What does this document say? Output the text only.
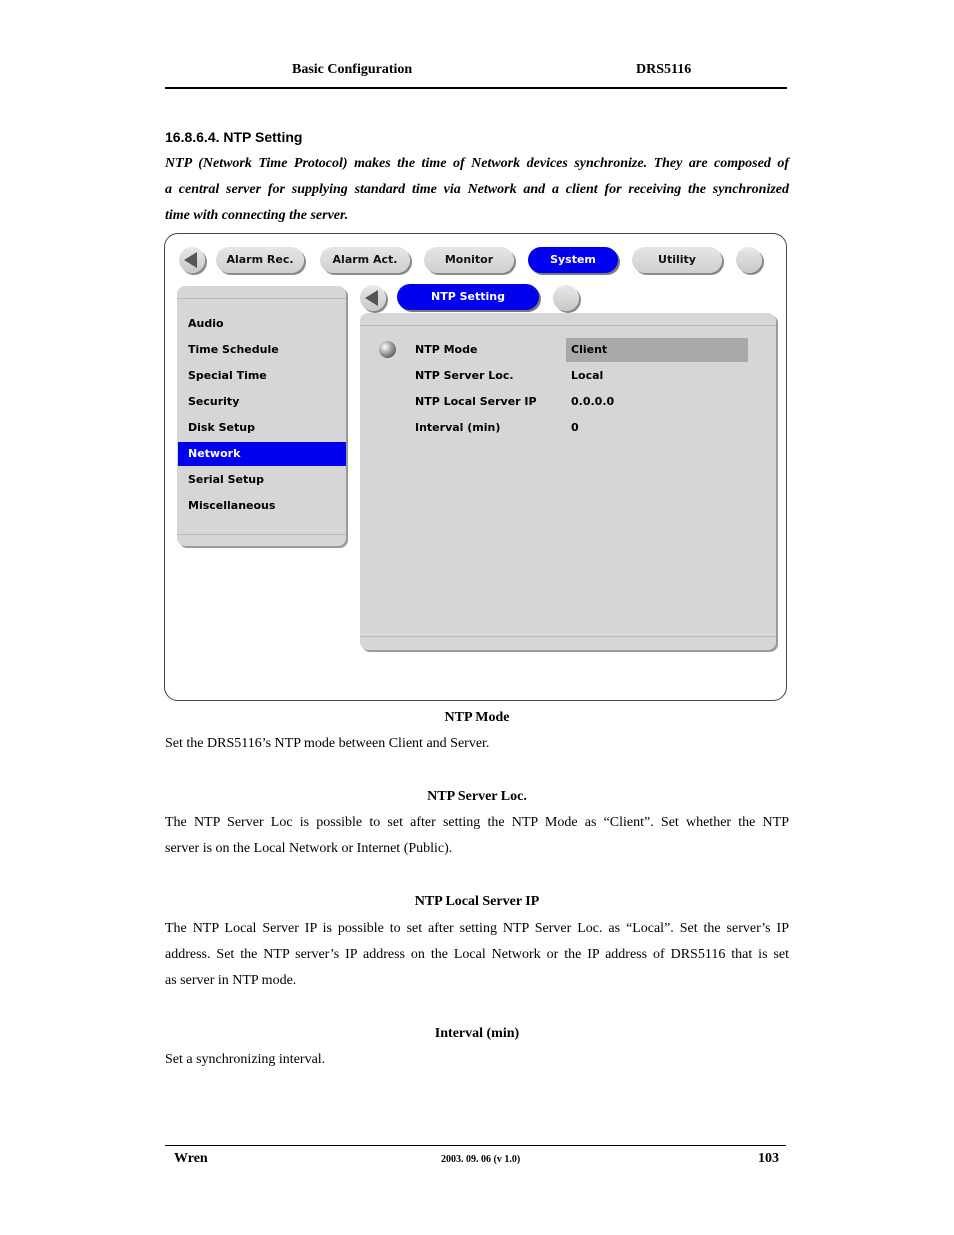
Basic Configuration	DRS5116
16.8.6.4. NTP Setting
NTP (Network Time Protocol) makes the time of Network devices synchronize. They are composed of
a central server for supplying standard time via Network and a client for receiving the synchronized
time with connecting the server.
Alarm Rec.	Alarm Act.	Monitor	System	Utility
Audio
Time Schedule
Special Time
Security
Disk Setup
Network
Serial Setup
Miscellaneous
NTP Setting
NTP Mode	Client
NTP Server Loc.	Local
NTP Local Server IP	0.0.0.0
Interval (min)	0
NTP Mode
Set the DRS5116’s NTP mode between Client and Server.
NTP Server Loc.
The NTP Server Loc is possible to set after setting the NTP Mode as “Client”. Set whether the NTP
server is on the Local Network or Internet (Public).
NTP Local Server IP
The NTP Local Server IP is possible to set after setting NTP Server Loc. as “Local”. Set the server’s IP
address. Set the NTP server’s IP address on the Local Network or the IP address of DRS5116 that is set
as server in NTP mode.
Interval (min)
Set a synchronizing interval.
Wren	2003. 09. 06 (v 1.0)	103
